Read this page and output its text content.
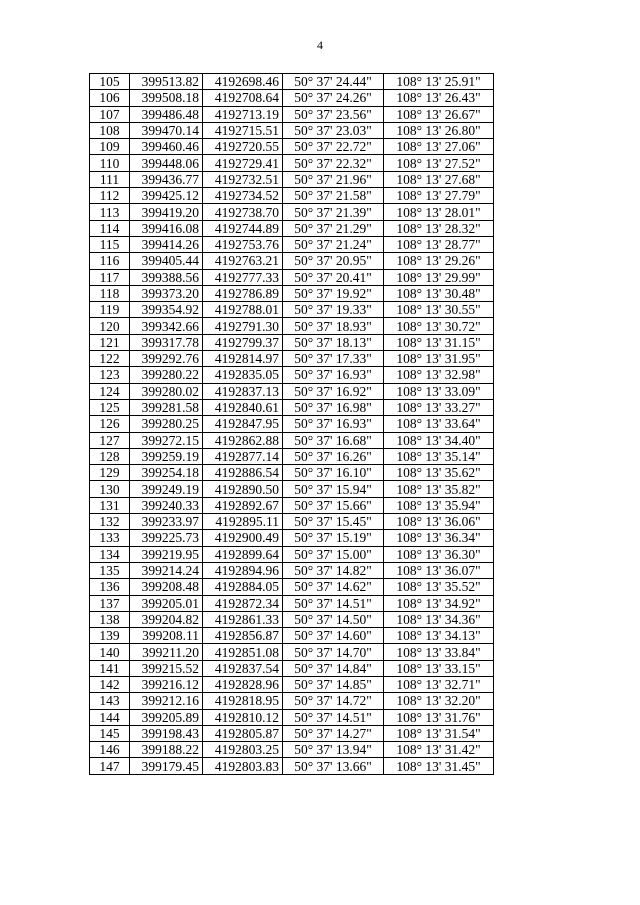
4
105	399513.82	4192698.46	50° 37' 24.44"	108° 13' 25.91"
106	399508.18	4192708.64	50° 37' 24.26"	108° 13' 26.43"
107	399486.48	4192713.19	50° 37' 23.56"	108° 13' 26.67"
108	399470.14	4192715.51	50° 37' 23.03"	108° 13' 26.80"
109	399460.46	4192720.55	50° 37' 22.72"	108° 13' 27.06"
110	399448.06	4192729.41	50° 37' 22.32"	108° 13' 27.52"
111	399436.77	4192732.51	50° 37' 21.96"	108° 13' 27.68"
112	399425.12	4192734.52	50° 37' 21.58"	108° 13' 27.79"
113	399419.20	4192738.70	50° 37' 21.39"	108° 13' 28.01"
114	399416.08	4192744.89	50° 37' 21.29"	108° 13' 28.32"
115	399414.26	4192753.76	50° 37' 21.24"	108° 13' 28.77"
116	399405.44	4192763.21	50° 37' 20.95"	108° 13' 29.26"
117	399388.56	4192777.33	50° 37' 20.41"	108° 13' 29.99"
118	399373.20	4192786.89	50° 37' 19.92"	108° 13' 30.48"
119	399354.92	4192788.01	50° 37' 19.33"	108° 13' 30.55"
120	399342.66	4192791.30	50° 37' 18.93"	108° 13' 30.72"
121	399317.78	4192799.37	50° 37' 18.13"	108° 13' 31.15"
122	399292.76	4192814.97	50° 37' 17.33"	108° 13' 31.95"
123	399280.22	4192835.05	50° 37' 16.93"	108° 13' 32.98"
124	399280.02	4192837.13	50° 37' 16.92"	108° 13' 33.09"
125	399281.58	4192840.61	50° 37' 16.98"	108° 13' 33.27"
126	399280.25	4192847.95	50° 37' 16.93"	108° 13' 33.64"
127	399272.15	4192862.88	50° 37' 16.68"	108° 13' 34.40"
128	399259.19	4192877.14	50° 37' 16.26"	108° 13' 35.14"
129	399254.18	4192886.54	50° 37' 16.10"	108° 13' 35.62"
130	399249.19	4192890.50	50° 37' 15.94"	108° 13' 35.82"
131	399240.33	4192892.67	50° 37' 15.66"	108° 13' 35.94"
132	399233.97	4192895.11	50° 37' 15.45"	108° 13' 36.06"
133	399225.73	4192900.49	50° 37' 15.19"	108° 13' 36.34"
134	399219.95	4192899.64	50° 37' 15.00"	108° 13' 36.30"
135	399214.24	4192894.96	50° 37' 14.82"	108° 13' 36.07"
136	399208.48	4192884.05	50° 37' 14.62"	108° 13' 35.52"
137	399205.01	4192872.34	50° 37' 14.51"	108° 13' 34.92"
138	399204.82	4192861.33	50° 37' 14.50"	108° 13' 34.36"
139	399208.11	4192856.87	50° 37' 14.60"	108° 13' 34.13"
140	399211.20	4192851.08	50° 37' 14.70"	108° 13' 33.84"
141	399215.52	4192837.54	50° 37' 14.84"	108° 13' 33.15"
142	399216.12	4192828.96	50° 37' 14.85"	108° 13' 32.71"
143	399212.16	4192818.95	50° 37' 14.72"	108° 13' 32.20"
144	399205.89	4192810.12	50° 37' 14.51"	108° 13' 31.76"
145	399198.43	4192805.87	50° 37' 14.27"	108° 13' 31.54"
146	399188.22	4192803.25	50° 37' 13.94"	108° 13' 31.42"
147	399179.45	4192803.83	50° 37' 13.66"	108° 13' 31.45"
